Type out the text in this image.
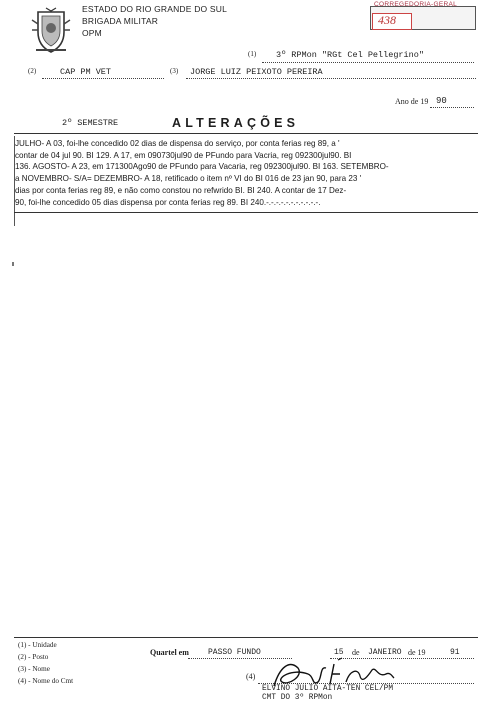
ESTADO DO RIO GRANDE DO SUL
BRIGADA MILITAR
OPM
CORREGEDORIA-GERAL
438
(1) 3º RPMon "RGt Cel Pellegrino"
(2)	CAP PM VET	(3) JORGE LUIZ PEIXOTO PEREIRA
Ano de 19 90
2º SEMESTRE	ALTERAÇÕES
JULHO- A 03, foi-lhe concedido 02 dias de dispensa do serviço, por conta ferias reg 89, a '
contar de 04 jul 90. BI 129. A 17, em 090730jul90 de PFundo para Vacria, reg 092300jul90. BI
136. AGOSTO- A 23, em 171300Ago90 de PFundo para Vacaria, reg 092300jul90. BI 163. SETEMBRO-
a NOVEMBRO- S/A= DEZEMBRO- A 18, retificado o item nº VI do BI 016 de 23 jan 90, para 23 '
dias por conta ferias reg 89, e não como constou no refwrido BI. BI 240. A contar de 17 Dez-
90, foi-lhe concedido 05 dias dispensa por conta ferias reg 89. BI 240.-.-.-.-.-.-.-.-.-.-.-.
(1) - Unidade
(2) - Posto
(3) - Nome
(4) - Nome do Cmt
Quartel em PASSO FUNDO	15 de JANEIRO de 19	91
(4)
ELVINO JULIO AITA-TEN CEL/PM
CMT DO 3º RPMon
